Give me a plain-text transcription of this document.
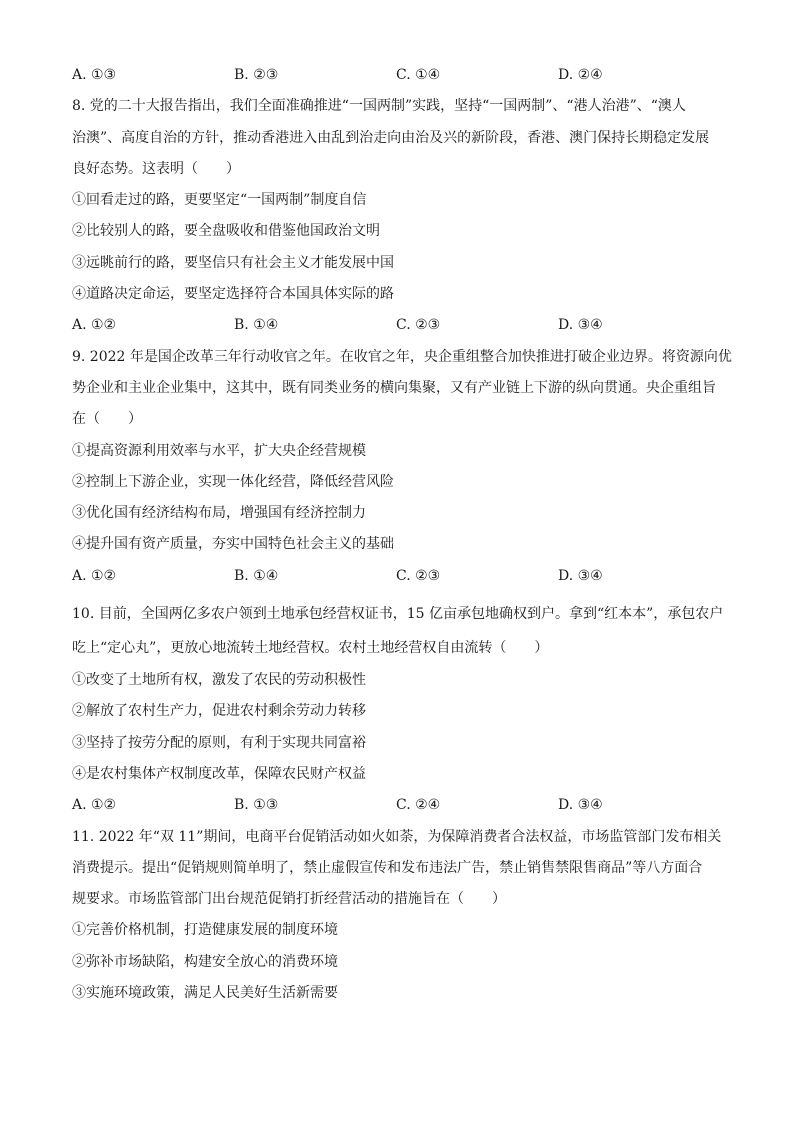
A. ①③	B. ②③	C. ①④	D. ②④
8. 党的二十大报告指出，我们全面准确推进“一国两制”实践，坚持“一国两制”、“港人治港”、“澳人
治澳”、高度自治的方针，推动香港进入由乱到治走向由治及兴的新阶段，香港、澳门保持长期稳定发展
良好态势。这表明（　　）
①回看走过的路，更要坚定“一国两制”制度自信
②比较别人的路，要全盘吸收和借鉴他国政治文明
③远眺前行的路，要坚信只有社会主义才能发展中国
④道路决定命运，要坚定选择符合本国具体实际的路
A. ①②	B. ①④	C. ②③	D. ③④
9. 2022 年是国企改革三年行动收官之年。在收官之年，央企重组整合加快推进打破企业边界。将资源向优
势企业和主业企业集中，这其中，既有同类业务的横向集聚，又有产业链上下游的纵向贯通。央企重组旨
在（　　）
①提高资源利用效率与水平，扩大央企经营规模
②控制上下游企业，实现一体化经营，降低经营风险
③优化国有经济结构布局，增强国有经济控制力
④提升国有资产质量，夯实中国特色社会主义的基础
A. ①②	B. ①④	C. ②③	D. ③④
10. 目前，全国两亿多农户领到土地承包经营权证书，15 亿亩承包地确权到户。拿到“红本本”，承包农户
吃上“定心丸”，更放心地流转土地经营权。农村土地经营权自由流转（　　）
①改变了土地所有权，激发了农民的劳动积极性
②解放了农村生产力，促进农村剩余劳动力转移
③坚持了按劳分配的原则，有利于实现共同富裕
④是农村集体产权制度改革，保障农民财产权益
A. ①②	B. ①③	C. ②④	D. ③④
11. 2022 年“双 11”期间，电商平台促销活动如火如荼，为保障消费者合法权益，市场监管部门发布相关
消费提示。提出“促销规则简单明了，禁止虚假宣传和发布违法广告，禁止销售禁限售商品”等八方面合
规要求。市场监管部门出台规范促销打折经营活动的措施旨在（　　）
①完善价格机制，打造健康发展的制度环境
②弥补市场缺陷，构建安全放心的消费环境
③实施环境政策，满足人民美好生活新需要
